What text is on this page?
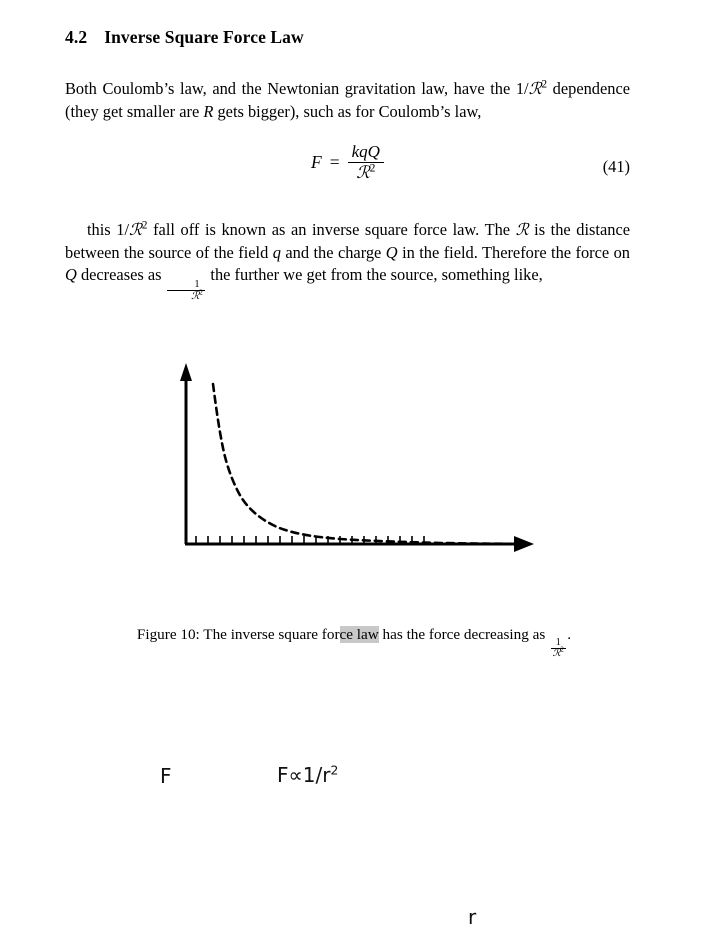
4.2 Inverse Square Force Law

Both Coulomb’s law, and the Newtonian gravitation law, have the 1/ℛ$^2$ dependence (they get smaller are R gets bigger), such as for Coulomb’s law,

$F = \frac{\text{kqQ}}{ℛ^2}$	(41)

this 1/ℛ$^2$ fall off is known as an inverse square force law. The ℛ is the distance between the source of the field q and the charge Q in the field. Therefore the force on Q decreases as
$\frac{1}{ℛ^2}$
the further we get from the source, something like,

F
r
$F\propto 1/r^2$
Figure 10: The inverse square force law has the force decreasing as
$\frac{1}{ℛ^2}$
.
